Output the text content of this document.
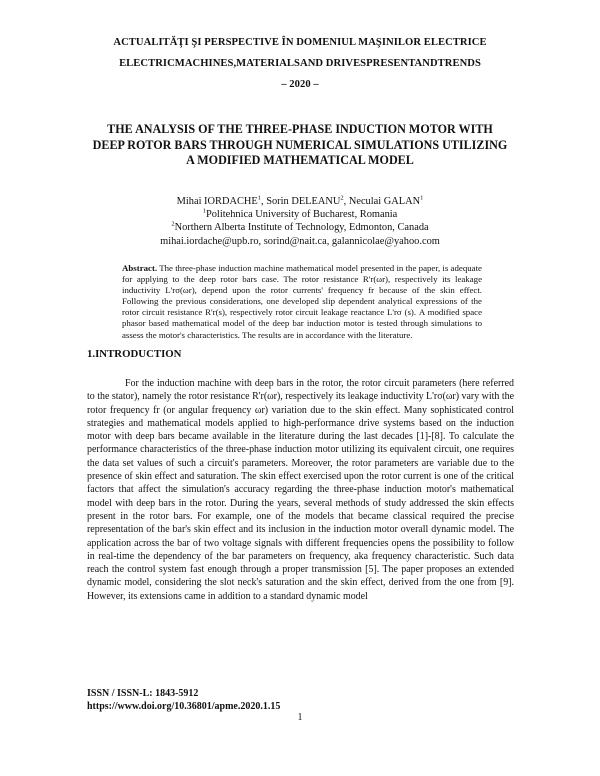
ACTUALITĂŢI ŞI PERSPECTIVE ÎN DOMENIUL MAŞINILOR ELECTRICE
ELECTRICMACHINES,MATERIALSAND DRIVESPRESENTANDTRENDS
– 2020 –
THE ANALYSIS OF THE THREE-PHASE INDUCTION MOTOR WITH DEEP ROTOR BARS THROUGH NUMERICAL SIMULATIONS UTILIZING A MODIFIED MATHEMATICAL MODEL
Mihai IORDACHE$^1$, Sorin DELEANU$^2$, Neculai GALAN$^1$
$^1$Politehnica University of Bucharest, Romania
$^2$Northern Alberta Institute of Technology, Edmonton, Canada
mihai.iordache@upb.ro, sorind@nait.ca, galannicolae@yahoo.com
Abstract. The three-phase induction machine mathematical model presented in the paper, is adequate for applying to the deep rotor bars case. The rotor resistance R'r(ωr), respectively its leakage inductivity L'rσ(ωr), depend upon the rotor currents' frequency fr because of the skin effect. Following the previous considerations, one developed slip dependent analytical expressions of the rotor circuit resistance R'r(s), respectively rotor circuit leakage reactance L'rσ (s). A modified space phasor based mathematical model of the deep bar induction motor is tested through simulations to assess the motor's characteristics. The results are in accordance with the literature.
1.INTRODUCTION

For the induction machine with deep bars in the rotor, the rotor circuit parameters (here referred to the stator), namely the rotor resistance R'r(ωr), respectively its leakage inductivity L'rσ(ωr) vary with the rotor frequency fr (or angular frequency ωr) variation due to the skin effect. Many sophisticated control strategies and mathematical models applied to high-performance drive systems based on the induction motor with deep bars became available in the literature during the last decades [1]-[8]. To calculate the performance characteristics of the three-phase induction motor utilizing its equivalent circuit, one requires the data set values of such a circuit's parameters. Moreover, the rotor parameters are variable due to the presence of skin effect and saturation. The skin effect exercised upon the rotor current is one of the critical factors that affect the simulation's accuracy regarding the three-phase induction motor's mathematical model with deep bars in the rotor. During the years, several methods of study addressed the skin effects present in the rotor bars. For example, one of the models that became classical required the precise representation of the bar's skin effect and its inclusion in the induction motor overall dynamic model. The application across the bar of two voltage signals with different frequencies opens the possibility to follow in real-time the dependency of the bar parameters on frequency, aka frequency characteristic. Such data reach the control system fast enough through a proper transmission [5]. The paper proposes an extended dynamic model, considering the slot neck's saturation and the skin effect, derived from the one from [9]. However, its extensions came in addition to a standard dynamic model

ISSN / ISSN-L: 1843-5912
https://www.doi.org/10.36801/apme.2020.1.15
1
